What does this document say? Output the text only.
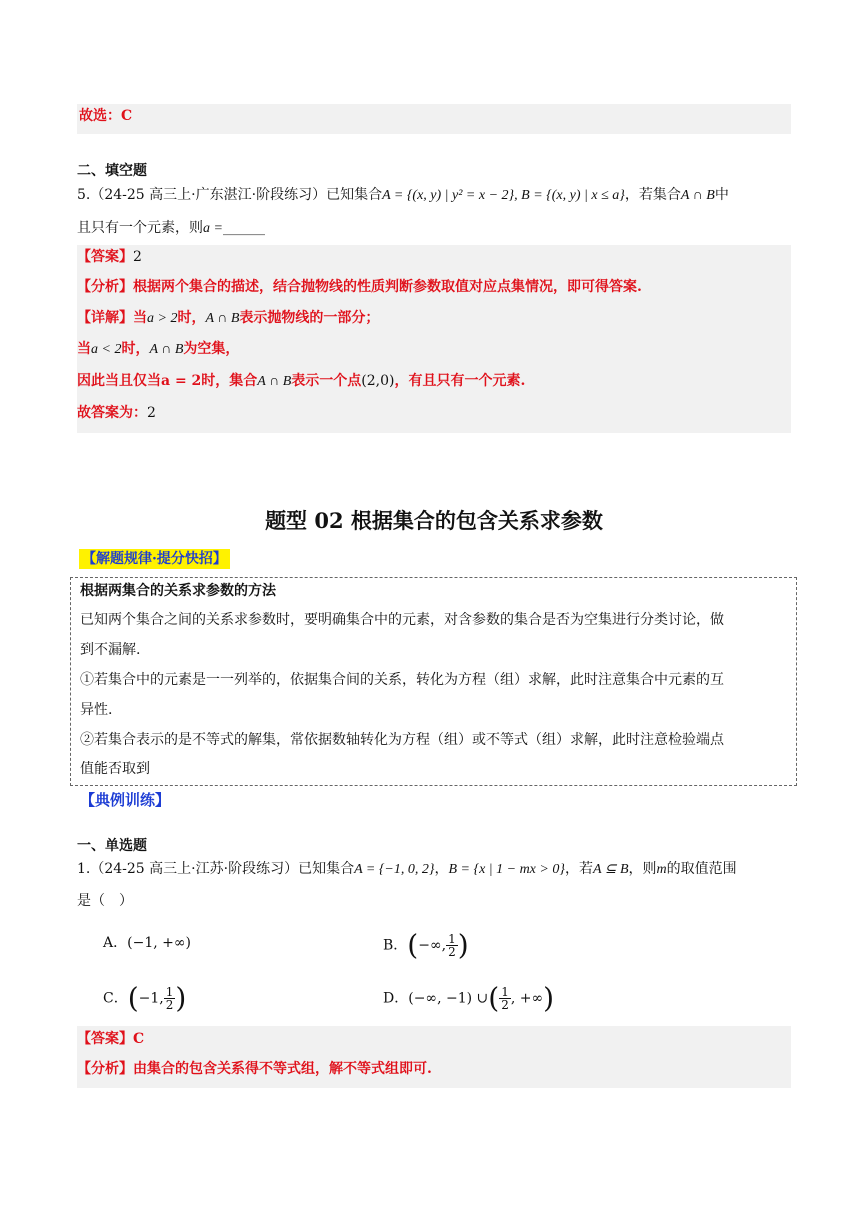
故选：C
二、填空题
5.（24-25 高三上·广东湛江·阶段练习）已知集合A = {(x, y) | y² = x − 2}, B = {(x, y) | x ≤ a}，若集合A ∩ B中
且只有一个元素，则a =______
【答案】2
【分析】根据两个集合的描述，结合抛物线的性质判断参数取值对应点集情况，即可得答案.
【详解】当a > 2时，A ∩ B表示抛物线的一部分；
当a < 2时，A ∩ B为空集，
因此当且仅当a = 2时，集合A ∩ B表示一个点(2,0)，有且只有一个元素.
故答案为：2
题型 02 根据集合的包含关系求参数
【解题规律·提分快招】
根据两集合的关系求参数的方法
已知两个集合之间的关系求参数时，要明确集合中的元素，对含参数的集合是否为空集进行分类讨论，做
到不漏解.
①若集合中的元素是一一列举的，依据集合间的关系，转化为方程（组）求解，此时注意集合中元素的互
异性.
②若集合表示的是不等式的解集，常依据数轴转化为方程（组）或不等式（组）求解，此时注意检验端点
值能否取到
【典例训练】
一、单选题
1.（24-25 高三上·江苏·阶段练习）已知集合A = {−1, 0, 2}，B = {x | 1 − mx > 0}，若A ⊆ B，则m的取值范围
是（　）
A．(−1, +∞)	B．(−∞, $\frac{1}{2}$ )
C．(−1, $\frac{1}{2}$ )	D．(−∞, −1) ∪( $\frac{1}{2}$ , +∞)
【答案】C
【分析】由集合的包含关系得不等式组，解不等式组即可.
